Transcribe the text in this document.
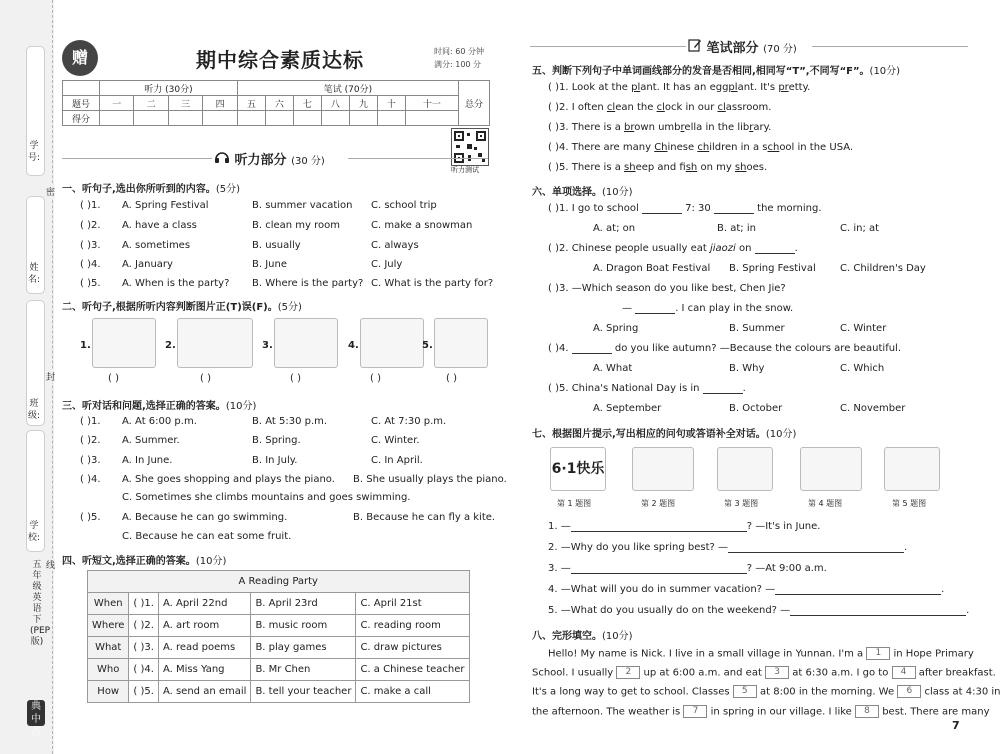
学号:
姓名:
班级:
学校:
密
封
线
五年级 英语 下 (PEP版)
典中点
赠	期中综合素质达标	时间: 60 分钟
满分: 100 分
	听力 (30分)				笔试 (70分)							总分
题号	一	二	三	四	五	六	七	八	九	十	十一	
得分												
听力测试
听力部分 (30 分)
一、听句子,选出你所听到的内容。(5分)
( )1. A. Spring Festival	B. summer vacation C. school trip
( )2. A. have a class	B. clean my room	C. make a snowman
( )3. A. sometimes	B. usually	C. always
( )4. A. January	B. June	C. July
( )5. A. When is the party? B. Where is the party? C. What is the party for?
二、听句子,根据所听内容判断图片正(T)误(F)。(5分)
1.	2.	3.	4.	5.
( )	( )	( )	( )	( )
三、听对话和问题,选择正确的答案。(10分)
( )1. A. At 6:00 p.m.	B. At 5:30 p.m.	C. At 7:30 p.m.
( )2. A. Summer.	B. Spring.	C. Winter.
( )3. A. In June.	B. In July.	C. In April.
( )4. A. She goes shopping and plays the piano. B. She usually plays the piano.
C. Sometimes she climbs mountains and goes swimming.
( )5. A. Because he can go swimming.	B. Because he can fly a kite.
C. Because he can eat some fruit.
四、听短文,选择正确的答案。(10分)
A Reading Party				
When	( )1.	A. April 22nd	B. April 23rd	C. April 21st
Where	( )2.	A. art room	B. music room	C. reading room
What	( )3.	A. read poems	B. play games	C. draw pictures
Who	( )4.	A. Miss Yang	B. Mr Chen	C. a Chinese teacher
How	( )5.	A. send an email	B. tell your teacher	C. make a call
笔试部分 (70 分)
五、判断下列句子中单词画线部分的发音是否相同,相同写“T”,不同写“F”。(10分)
( )1. Look at the plant. It has an eggplant. It's pretty.
( )2. I often clean the clock in our classroom.
( )3. There is a brown umbrella in the library.
( )4. There are many Chinese children in a school in the USA.
( )5. There is a sheep and fish on my shoes.
六、单项选择。(10分)
( )1. I go to school	7: 30	the morning.
A. at; on	B. at; in	C. in; at
( )2. Chinese people usually eat jiaozi on	.
A. Dragon Boat Festival B. Spring Festival C. Children's Day
( )3. —Which season do you like best, Chen Jie?
—	. I can play in the snow.
A. Spring	B. Summer	C. Winter
( )4.	do you like autumn? —Because the colours are beautiful.
A. What	B. Why	C. Which
( )5. China's National Day is in	.
A. September	B. October	C. November
七、根据图片提示,写出相应的问句或答语补全对话。(10分)
6·1快乐
第 1 题图	第 2 题图	第 3 题图	第 4 题图	第 5 题图
1. —	? —It's in June.
2. —Why do you like spring best? —	.
3. —	? —At 9:00 a.m.
4. —What will you do in summer vacation? —	.
5. —What do you usually do on the weekend? —	.
八、完形填空。(10分)
Hello! My name is Nick. I live in a small village in Yunnan. I'm a 1 in Hope Primary
School. I usually 2 up at 6:00 a.m. and eat 3 at 6:30 a.m. I go to 4 after breakfast.
It's a long way to get to school. Classes 5 at 8:00 in the morning. We 6 class at 4:30 in
the afternoon. The weather is 7 in spring in our village. I like 8 best. There are many
7
